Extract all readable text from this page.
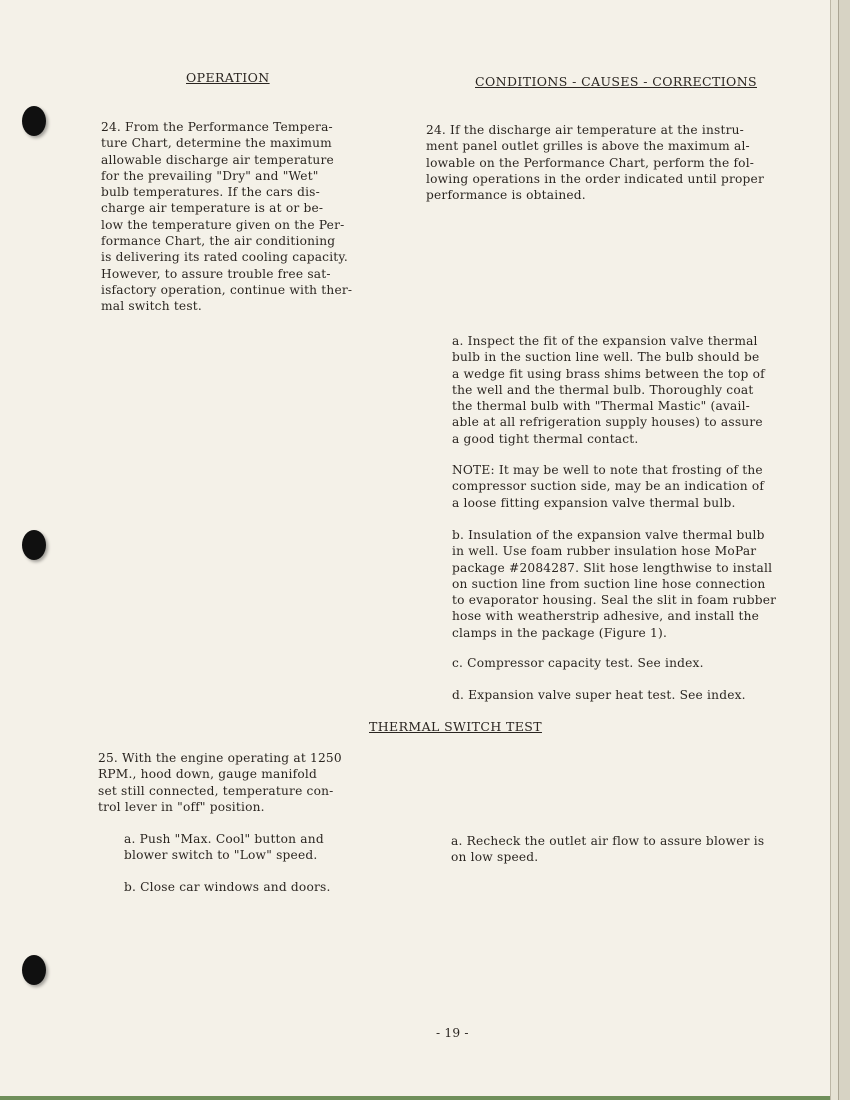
OPERATION	CONDITIONS - CAUSES - CORRECTIONS

24. From the Performance Tempera-
ture Chart, determine the maximum
allowable discharge air temperature
for the prevailing "Dry" and "Wet"
bulb temperatures. If the cars dis-
charge air temperature is at or be-
low the temperature given on the Per-
formance Chart, the air conditioning
is delivering its rated cooling capacity.
However, to assure trouble free sat-
isfactory operation, continue with ther-
mal switch test.

24. If the discharge air temperature at the instru-
ment panel outlet grilles is above the maximum al-
lowable on the Performance Chart, perform the fol-
lowing operations in the order indicated until proper
performance is obtained.

a. Inspect the fit of the expansion valve thermal
bulb in the suction line well. The bulb should be
a wedge fit using brass shims between the top of
the well and the thermal bulb. Thoroughly coat
the thermal bulb with "Thermal Mastic" (avail-
able at all refrigeration supply houses) to assure
a good tight thermal contact.

NOTE: It may be well to note that frosting of the
compressor suction side, may be an indication of
a loose fitting expansion valve thermal bulb.

b. Insulation of the expansion valve thermal bulb
in well. Use foam rubber insulation hose MoPar
package #2084287. Slit hose lengthwise to install
on suction line from suction line hose connection
to evaporator housing. Seal the slit in foam rubber
hose with weatherstrip adhesive, and install the
clamps in the package (Figure 1).

c. Compressor capacity test. See index.

d. Expansion valve super heat test. See index.

THERMAL SWITCH TEST

25. With the engine operating at 1250
RPM., hood down, gauge manifold
set still connected, temperature con-
trol lever in "off" position.

a. Push "Max. Cool" button and
blower switch to "Low" speed.

b. Close car windows and doors.

a. Recheck the outlet air flow to assure blower is
on low speed.

- 19 -
